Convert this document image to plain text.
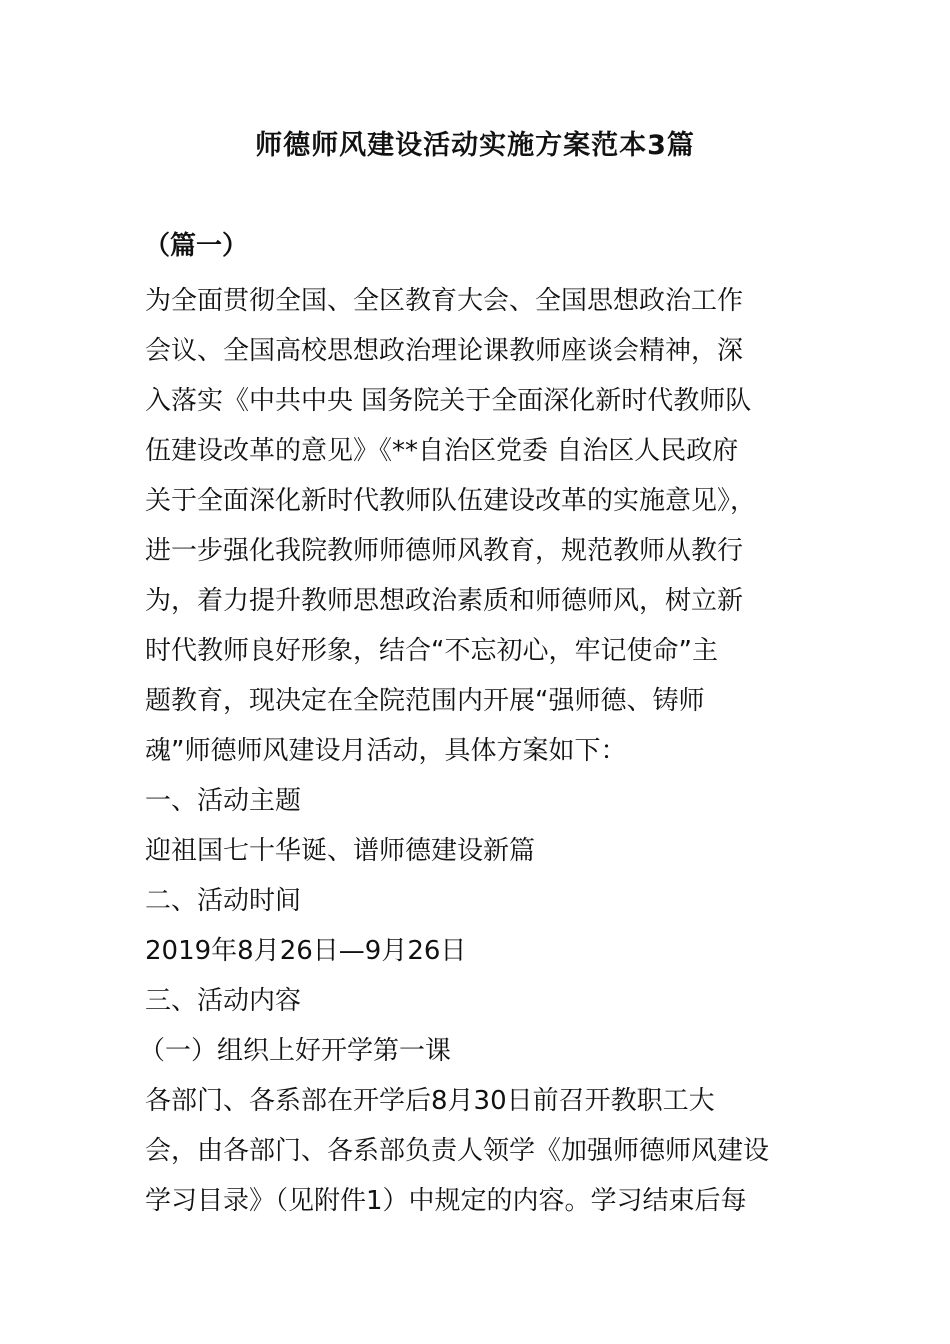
师德师风建设活动实施方案范本3篇
（篇一）

为全面贯彻全国、全区教育大会、全国思想政治工作

会议、全国高校思想政治理论课教师座谈会精神，深

入落实《中共中央 国务院关于全面深化新时代教师队

伍建设改革的意见》《**自治区党委 自治区人民政府

关于全面深化新时代教师队伍建设改革的实施意见》，

进一步强化我院教师师德师风教育，规范教师从教行

为，着力提升教师思想政治素质和师德师风，树立新

时代教师良好形象，结合“不忘初心，牢记使命”主

题教育，现决定在全院范围内开展“强师德、铸师

魂”师德师风建设月活动，具体方案如下：

一、活动主题

迎祖国七十华诞、谱师德建设新篇

二、活动时间

2019年8月26日—9月26日

三、活动内容

（一）组织上好开学第一课

各部门、各系部在开学后8月30日前召开教职工大

会，由各部门、各系部负责人领学《加强师德师风建设

学习目录》（见附件1）中规定的内容。学习结束后每
